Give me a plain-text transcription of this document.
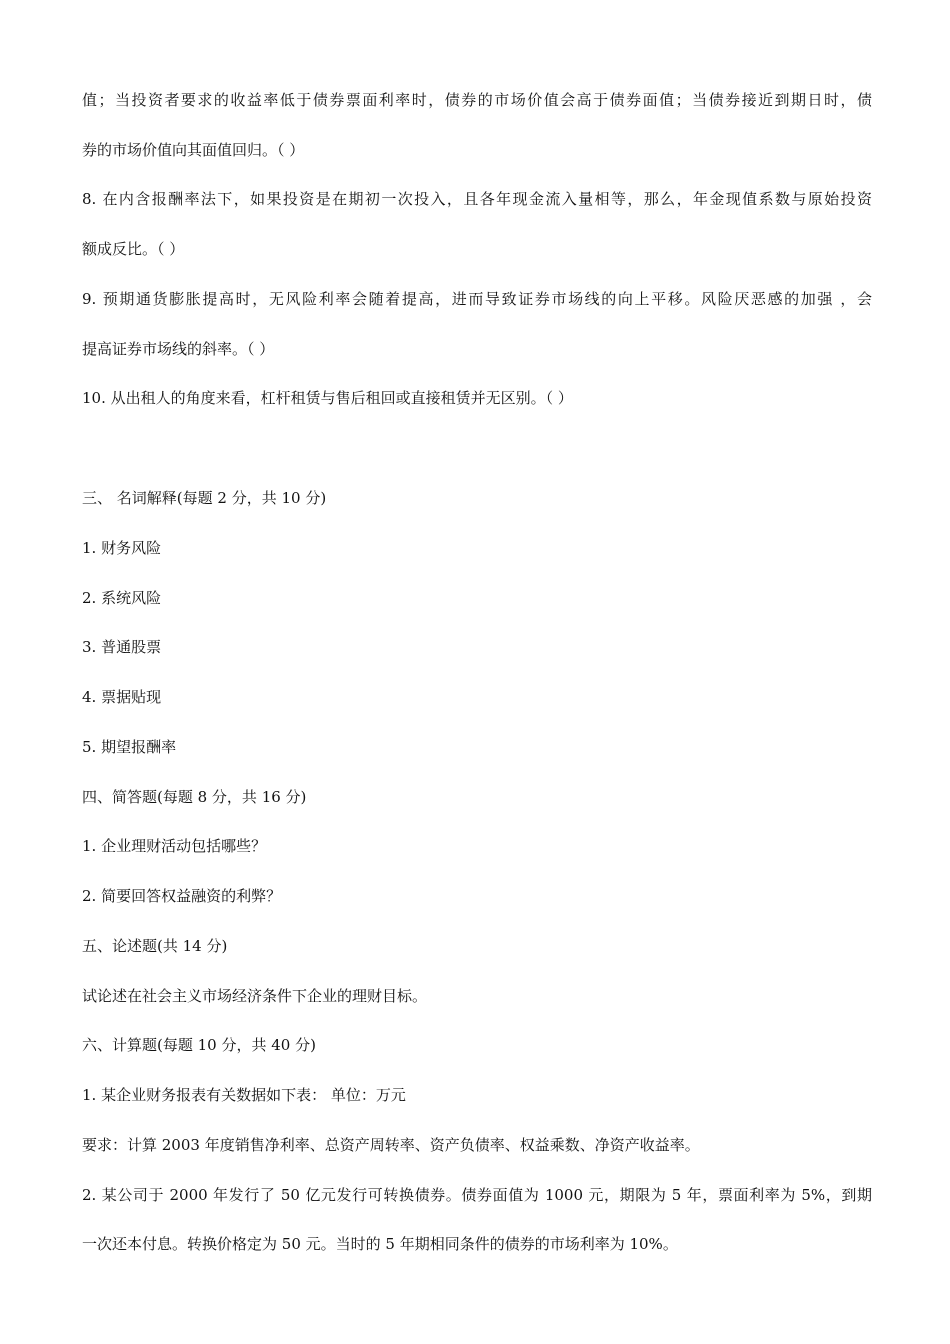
值；当投资者要求的收益率低于债券票面利率时，债券的市场价值会高于债券面值；当债券接近到期日时，债
券的市场价值向其面值回归。（ ）
8. 在内含报酬率法下，如果投资是在期初一次投入，且各年现金流入量相等，那么，年金现值系数与原始投资
额成反比。（ ）
9. 预期通货膨胀提高时，无风险利率会随着提高，进而导致证券市场线的向上平移。风险厌恶感的加强 ，会
提高证券市场线的斜率。（ ）
10. 从出租人的角度来看，杠杆租赁与售后租回或直接租赁并无区别。（ ）
三、 名词解释(每题 2 分，共 10 分)
1. 财务风险
2. 系统风险
3. 普通股票
4. 票据贴现
5. 期望报酬率
四、简答题(每题 8 分，共 16 分)
1. 企业理财活动包括哪些？
2. 简要回答权益融资的利弊？
五、论述题(共 14 分)
试论述在社会主义市场经济条件下企业的理财目标。
六、计算题(每题 10 分，共 40 分)
1. 某企业财务报表有关数据如下表： 单位：万元
要求：计算 2003 年度销售净利率、总资产周转率、资产负债率、权益乘数、净资产收益率。
2. 某公司于 2000 年发行了 50 亿元发行可转换债券。债券面值为 1000 元，期限为 5 年，票面利率为 5%，到期
一次还本付息。转换价格定为 50 元。当时的 5 年期相同条件的债券的市场利率为 10%。
